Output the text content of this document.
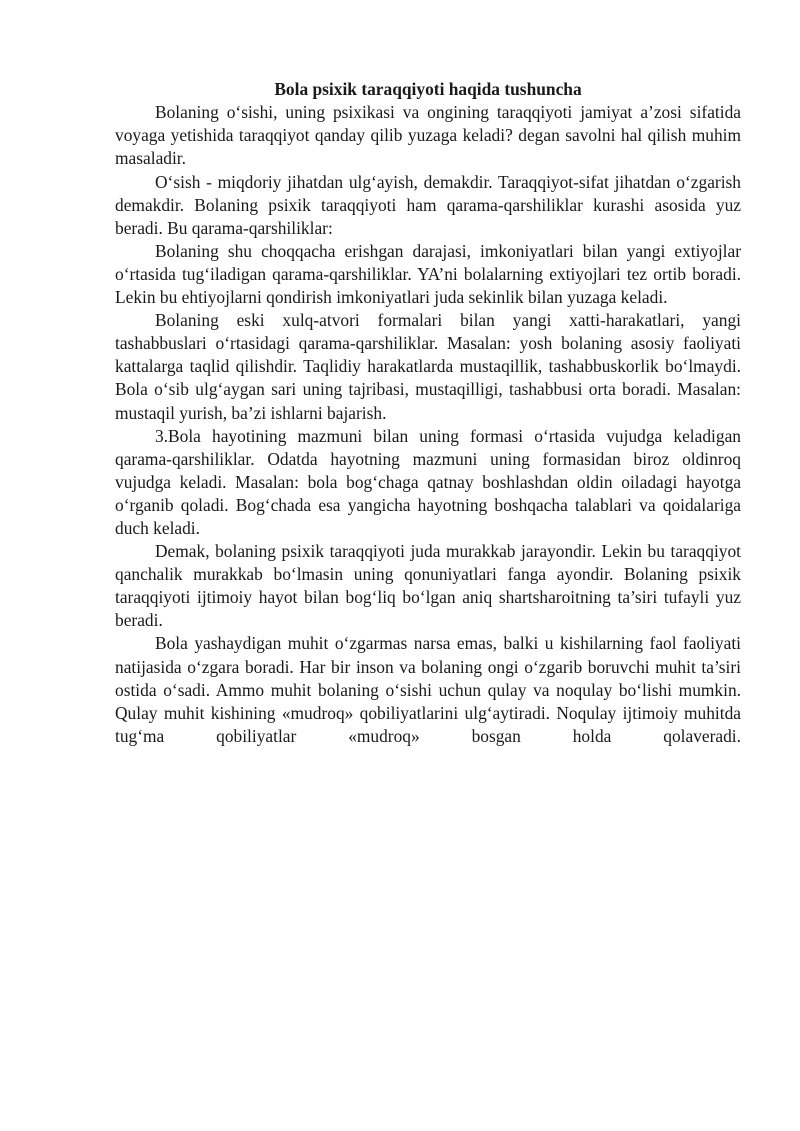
Bola psixik taraqqiyoti haqida tushuncha

Bolaning o‘sishi, uning psixikasi va ongining taraqqiyoti jamiyat a’zosi sifatida voyaga yetishida taraqqiyot qanday qilib yuzaga keladi? degan savolni hal qilish muhim masaladir.

O‘sish - miqdoriy jihatdan ulg‘ayish, demakdir. Taraqqiyot-sifat jihatdan o‘zgarish demakdir. Bolaning psixik taraqqiyoti ham qarama-qarshiliklar kurashi asosida yuz beradi. Bu qarama-qarshiliklar:

Bolaning shu choqqacha erishgan darajasi, imkoniyatlari bilan yangi extiyojlar o‘rtasida tug‘iladigan qarama-qarshiliklar. YA’ni bolalarning extiyojlari tez ortib boradi. Lekin bu ehtiyojlarni qondirish imkoniyatlari juda sekinlik bilan yuzaga keladi.

Bolaning eski xulq-atvori formalari bilan yangi xatti-harakatlari, yangi tashabbuslari o‘rtasidagi qarama-qarshiliklar. Masalan: yosh bolaning asosiy faoliyati kattalarga taqlid qilishdir. Taqlidiy harakatlarda mustaqillik, tashabbuskorlik bo‘lmaydi. Bola o‘sib ulg‘aygan sari uning tajribasi, mustaqilligi, tashabbusi orta boradi. Masalan: mustaqil yurish, ba’zi ishlarni bajarish.

3.Bola hayotining mazmuni bilan uning formasi o‘rtasida vujudga keladigan qarama-qarshiliklar. Odatda hayotning mazmuni uning formasidan biroz oldinroq vujudga keladi. Masalan: bola bog‘chaga qatnay boshlashdan oldin oiladagi hayotga o‘rganib qoladi. Bog‘chada esa yangicha hayotning boshqacha talablari va qoidalariga duch keladi.

Demak, bolaning psixik taraqqiyoti juda murakkab jarayondir. Lekin bu taraqqiyot qanchalik murakkab bo‘lmasin uning qonuniyatlari fanga ayondir. Bolaning psixik taraqqiyoti ijtimoiy hayot bilan bog‘liq bo‘lgan aniq shartsharoitning ta’siri tufayli yuz beradi.

Bola yashaydigan muhit o‘zgarmas narsa emas, balki u kishilarning faol faoliyati natijasida o‘zgara boradi. Har bir inson va bolaning ongi o‘zgarib boruvchi muhit ta’siri ostida o‘sadi. Ammo muhit bolaning o‘sishi uchun qulay va noqulay bo‘lishi mumkin. Qulay muhit kishining «mudroq» qobiliyatlarini ulg‘aytiradi. Noqulay ijtimoiy muhitda tug‘ma qobiliyatlar «mudroq» bosgan holda qolaveradi.
